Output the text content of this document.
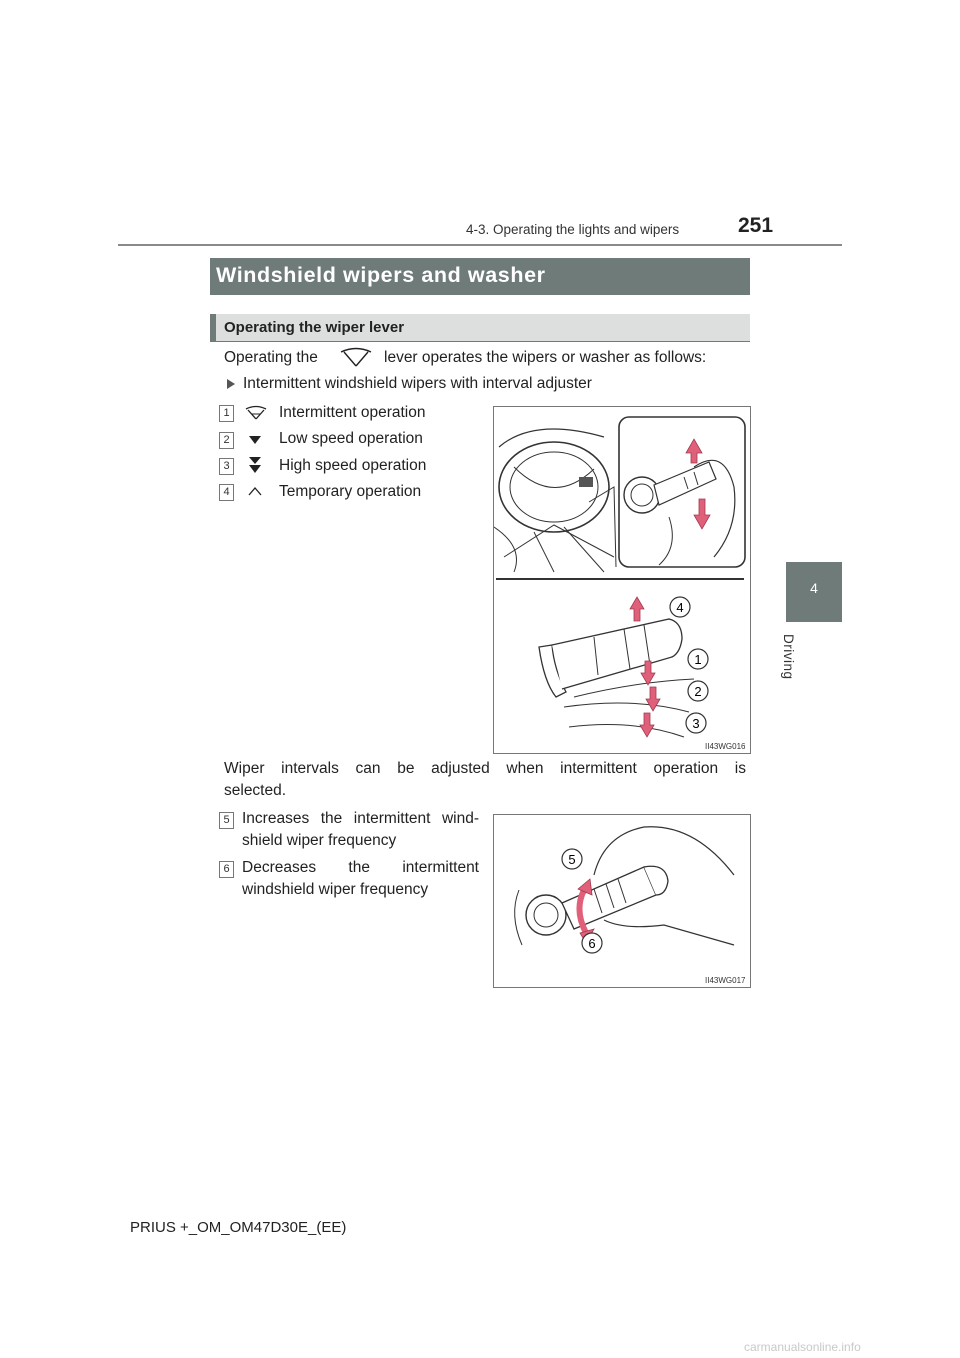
4-3. Operating the lights and wipers	251
4
Driving
Windshield wipers and washer
Operating the wiper lever
Operating the	lever operates the wipers or washer as follows:
Intermittent windshield wipers with interval adjuster
1	Intermittent operation
2	Low speed operation
3	High speed operation
4	Temporary operation
4
1
2
3
II43WG016
Wiper intervals can be adjusted when intermittent operation is
selected.
5 Increases the intermittent wind-
shield wiper frequency
6 Decreases the intermittent
windshield wiper frequency
5
6
II43WG017
PRIUS +_OM_OM47D30E_(EE)
carmanualsonline.info
